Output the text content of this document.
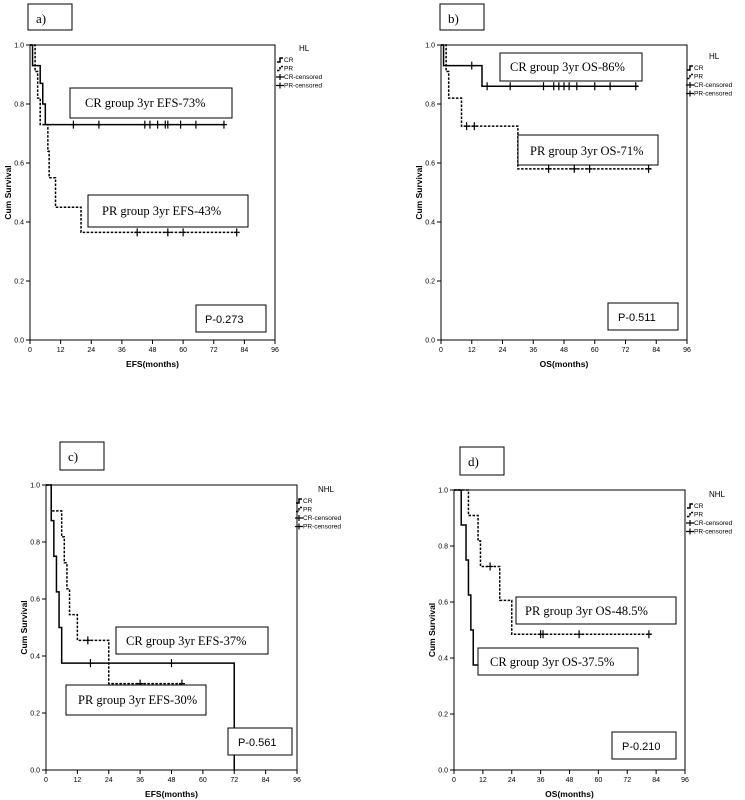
a)
0	12	24	36	48	60	72	84	96
0.0
0.2
0.4
0.6
0.8
1.0
EFS(months)
Cum Survival
HL
CR
PR
CR-censored
PR-censored
CR group 3yr EFS-73%
PR group 3yr EFS-43%
P-0.273
b)
0	12	24	36	48	60	72	84	96
0.0
0.2
0.4
0.6
0.8
1.0
OS(months)
Cum Survival
HL
CR
PR
CR-censored
PR-censored
CR group 3yr OS-86%
PR group 3yr OS-71%
P-0.511
c)
0	12	24	36	48	60	72	84	96
0.0
0.2
0.4
0.6
0.8
1.0
EFS(months)
Cum Survival
NHL
CR
PR
CR-censored
PR-censored
CR group 3yr EFS-37%
PR group 3yr EFS-30%
P-0.561
d)
0	12	24	36	48	60	72	84	96
0.0
0.2
0.4
0.6
0.8
1.0
OS(months)
Cum Survival
NHL
CR
PR
CR-censored
PR-censored
PR group 3yr OS-48.5%
CR group 3yr OS-37.5%
P-0.210
